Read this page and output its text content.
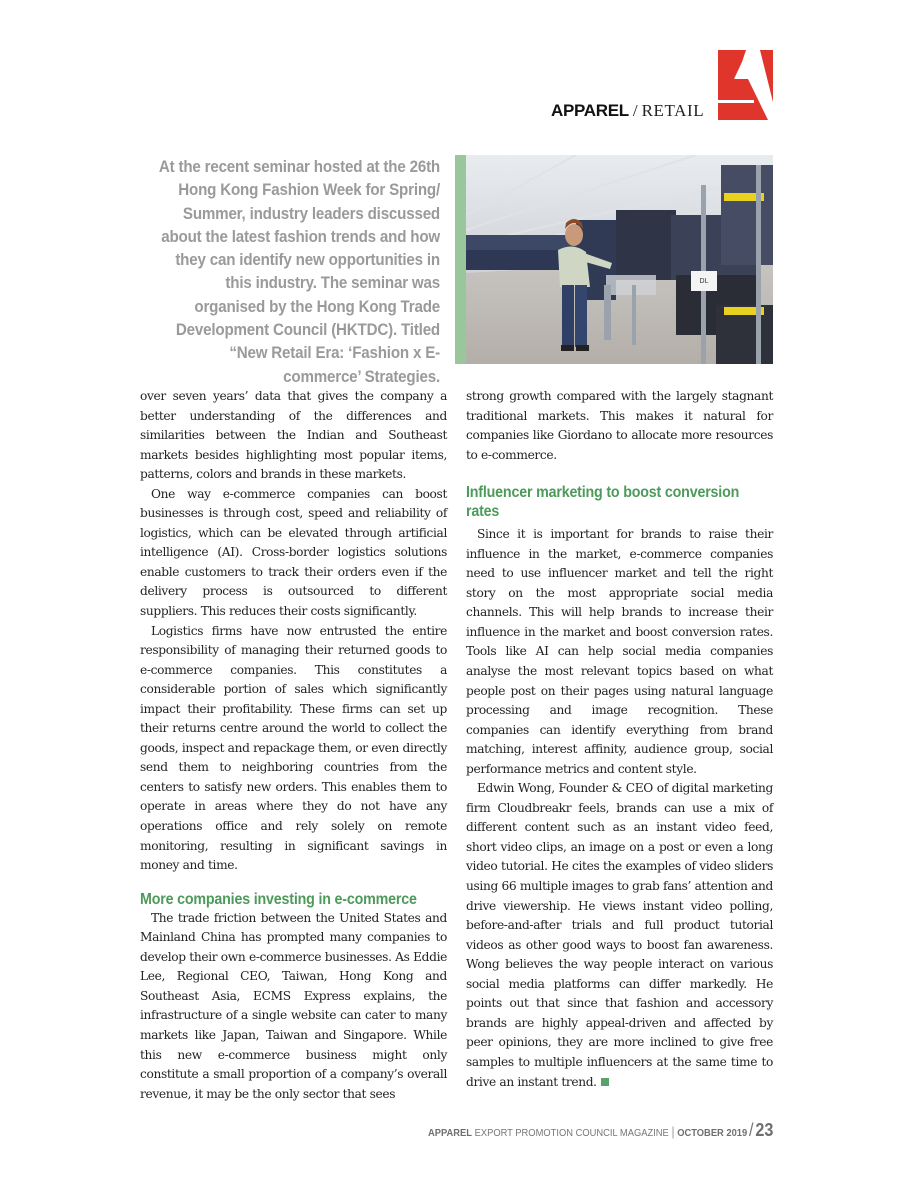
APPAREL / RETAIL
At the recent seminar hosted at the 26th Hong Kong Fashion Week for Spring/ Summer, industry leaders discussed about the latest fashion trends and how they can identify new opportunities in this industry. The seminar was organised by the Hong Kong Trade Development Council (HKTDC). Titled “New Retail Era: ‘Fashion x E-commerce’ Strategies.
DL

over seven years’ data that gives the company a better understanding of the differences and similarities between the Indian and Southeast markets besides highlighting most popular items, patterns, colors and brands in these markets.

One way e-commerce companies can boost businesses is through cost, speed and reliability of logistics, which can be elevated through artificial intelligence (AI). Cross-border logistics solutions enable customers to track their orders even if the delivery process is outsourced to different suppliers. This reduces their costs significantly.

Logistics firms have now entrusted the entire responsibility of managing their returned goods to e-commerce companies. This constitutes a considerable portion of sales which significantly impact their profitability. These firms can set up their returns centre around the world to collect the goods, inspect and repackage them, or even directly send them to neighboring countries from the centers to satisfy new orders. This enables them to operate in areas where they do not have any operations office and rely solely on remote monitoring, resulting in significant savings in money and time.

More companies investing in e-commerce

The trade friction between the United States and Mainland China has prompted many companies to develop their own e-commerce businesses. As Eddie Lee, Regional CEO, Taiwan, Hong Kong and Southeast Asia, ECMS Express explains, the infrastructure of a single website can cater to many markets like Japan, Taiwan and Singapore. While this new e-commerce business might only constitute a small proportion of a company’s overall revenue, it may be the only sector that sees

strong growth compared with the largely stagnant traditional markets. This makes it natural for companies like Giordano to allocate more resources to e-commerce.

Influencer marketing to boost conversion rates

Since it is important for brands to raise their influence in the market, e-commerce companies need to use influencer market and tell the right story on the most appropriate social media channels. This will help brands to increase their influence in the market and boost conversion rates. Tools like AI can help social media companies analyse the most relevant topics based on what people post on their pages using natural language processing and image recognition. These companies can identify everything from brand matching, interest affinity, audience group, social performance metrics and content style.

Edwin Wong, Founder & CEO of digital marketing firm Cloudbreakr feels, brands can use a mix of different content such as an instant video feed, short video clips, an image on a post or even a long video tutorial. He cites the examples of video sliders using 66 multiple images to grab fans’ attention and drive viewership. He views instant video polling, before-and-after trials and full product tutorial videos as other good ways to boost fan awareness. Wong believes the way people interact on various social media platforms can differ markedly. He points out that since that fashion and accessory brands are highly appeal-driven and affected by peer opinions, they are more inclined to give free samples to multiple influencers at the same time to drive an instant trend.

APPAREL EXPORT PROMOTION COUNCIL MAGAZINE | OCTOBER 2019/23
